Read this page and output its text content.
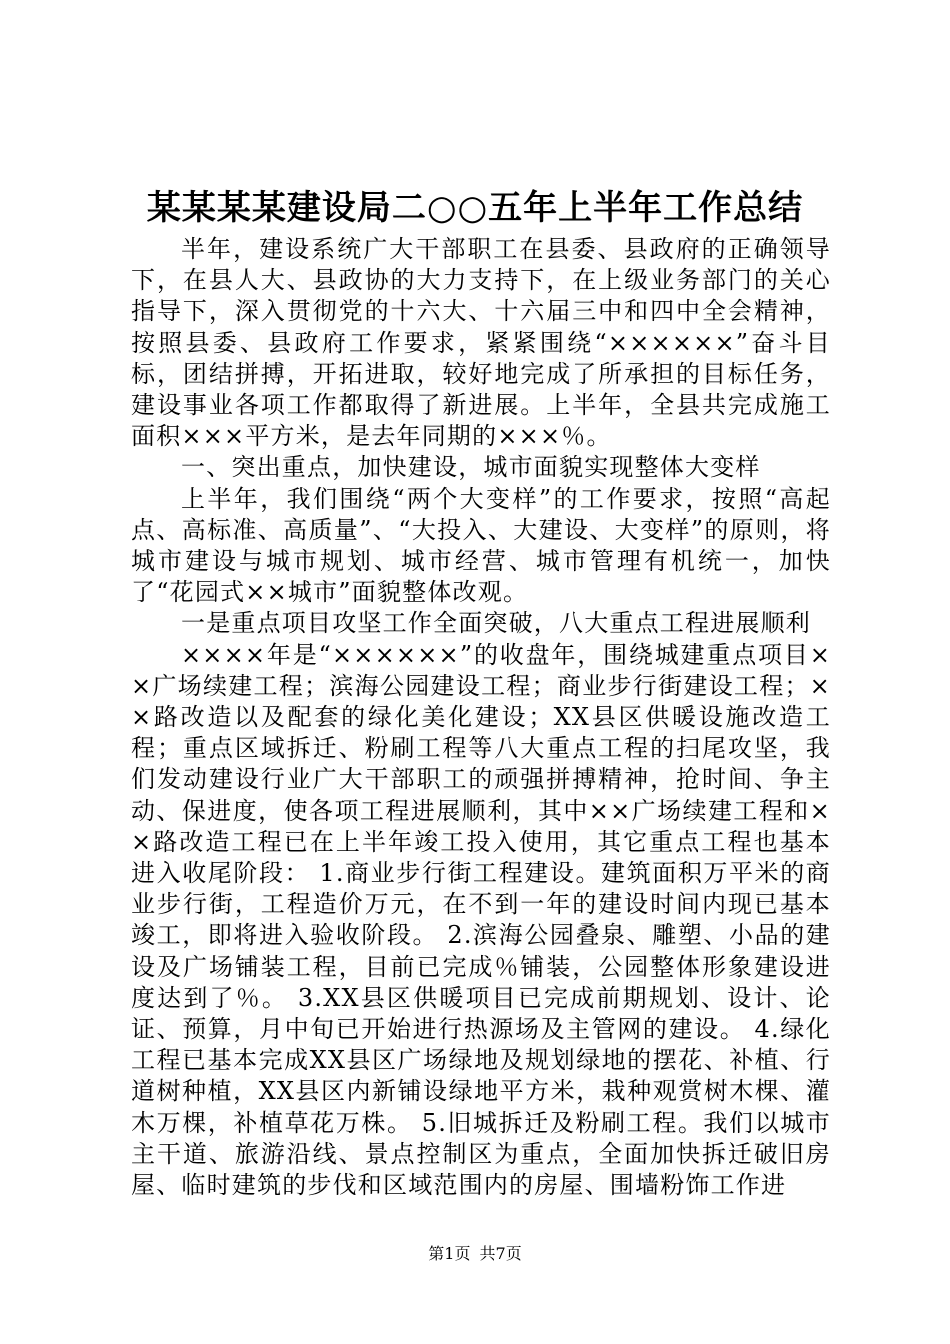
某某某某建设局二○○五年上半年工作总结

半年，建设系统广大干部职工在县委、县政府的正确领导下，在县人大、县政协的大力支持下，在上级业务部门的关心指导下，深入贯彻党的十六大、十六届三中和四中全会精神，按照县委、县政府工作要求，紧紧围绕“××××××”奋斗目标，团结拼搏，开拓进取，较好地完成了所承担的目标任务，建设事业各项工作都取得了新进展。上半年，全县共完成施工面积×××平方米，是去年同期的×××％。

一、突出重点，加快建设，城市面貌实现整体大变样

上半年，我们围绕“两个大变样”的工作要求，按照“高起点、高标准、高质量”、“大投入、大建设、大变样”的原则，将城市建设与城市规划、城市经营、城市管理有机统一，加快了“花园式××城市”面貌整体改观。

一是重点项目攻坚工作全面突破，八大重点工程进展顺利

××××年是“××××××”的收盘年，围绕城建重点项目××广场续建工程；滨海公园建设工程；商业步行街建设工程；××路改造以及配套的绿化美化建设；XX县区供暖设施改造工程；重点区域拆迁、粉刷工程等八大重点工程的扫尾攻坚，我们发动建设行业广大干部职工的顽强拼搏精神，抢时间、争主动、保进度，使各项工程进展顺利，其中××广场续建工程和××路改造工程已在上半年竣工投入使用，其它重点工程也基本进入收尾阶段： 1.商业步行街工程建设。建筑面积万平米的商业步行街，工程造价万元，在不到一年的建设时间内现已基本竣工，即将进入验收阶段。 2.滨海公园叠泉、雕塑、小品的建设及广场铺装工程，目前已完成％铺装，公园整体形象建设进度达到了％。 3.XX县区供暖项目已完成前期规划、设计、论证、预算，月中旬已开始进行热源场及主管网的建设。 4.绿化工程已基本完成XX县区广场绿地及规划绿地的摆花、补植、行道树种植，XX县区内新铺设绿地平方米，栽种观赏树木棵、灌木万棵，补植草花万株。 5.旧城拆迁及粉刷工程。我们以城市主干道、旅游沿线、景点控制区为重点，全面加快拆迁破旧房屋、临时建筑的步伐和区域范围内的房屋、围墙粉饰工作进

第1页 共7页
